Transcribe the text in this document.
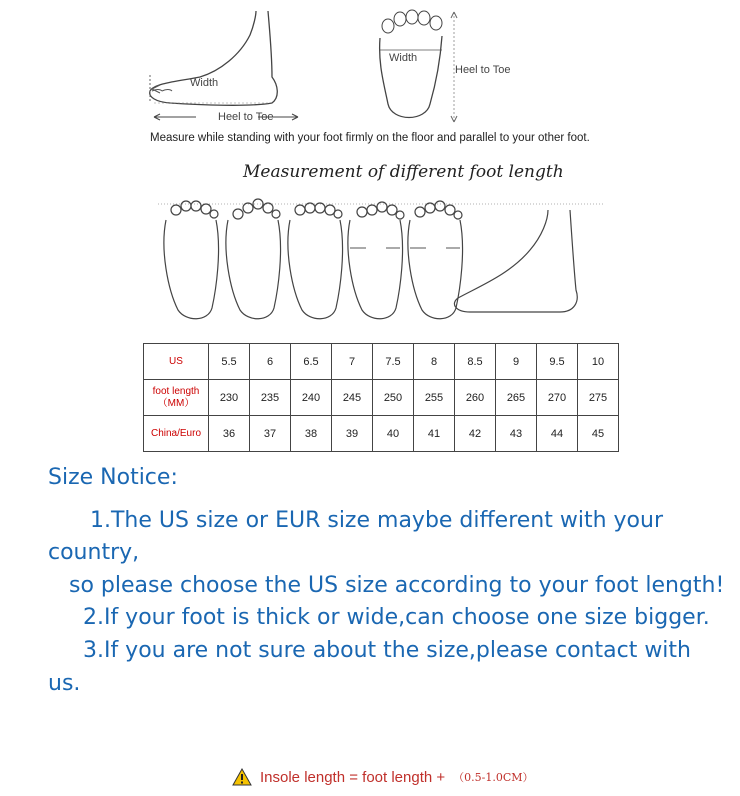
Width
Heel to Toe
Width
Heel to Toe
Measure while standing with your foot firmly on the floor and parallel to your other foot.
Measurement of different foot length
US	5.5	6	6.5	7	7.5	8	8.5	9	9.5	10
foot length
（MM）	230	235	240	245	250	255	260	265	270	275
China/Euro	36	37	38	39	40	41	42	43	44	45

Size Notice:

1.The US size or EUR size maybe different with your country,

so please choose the US size according to your foot length!

2.If your foot is thick or wide,can choose one size bigger.

3.If you are not sure about the size,please contact with us.

Insole length = foot length + （0.5-1.0CM）
